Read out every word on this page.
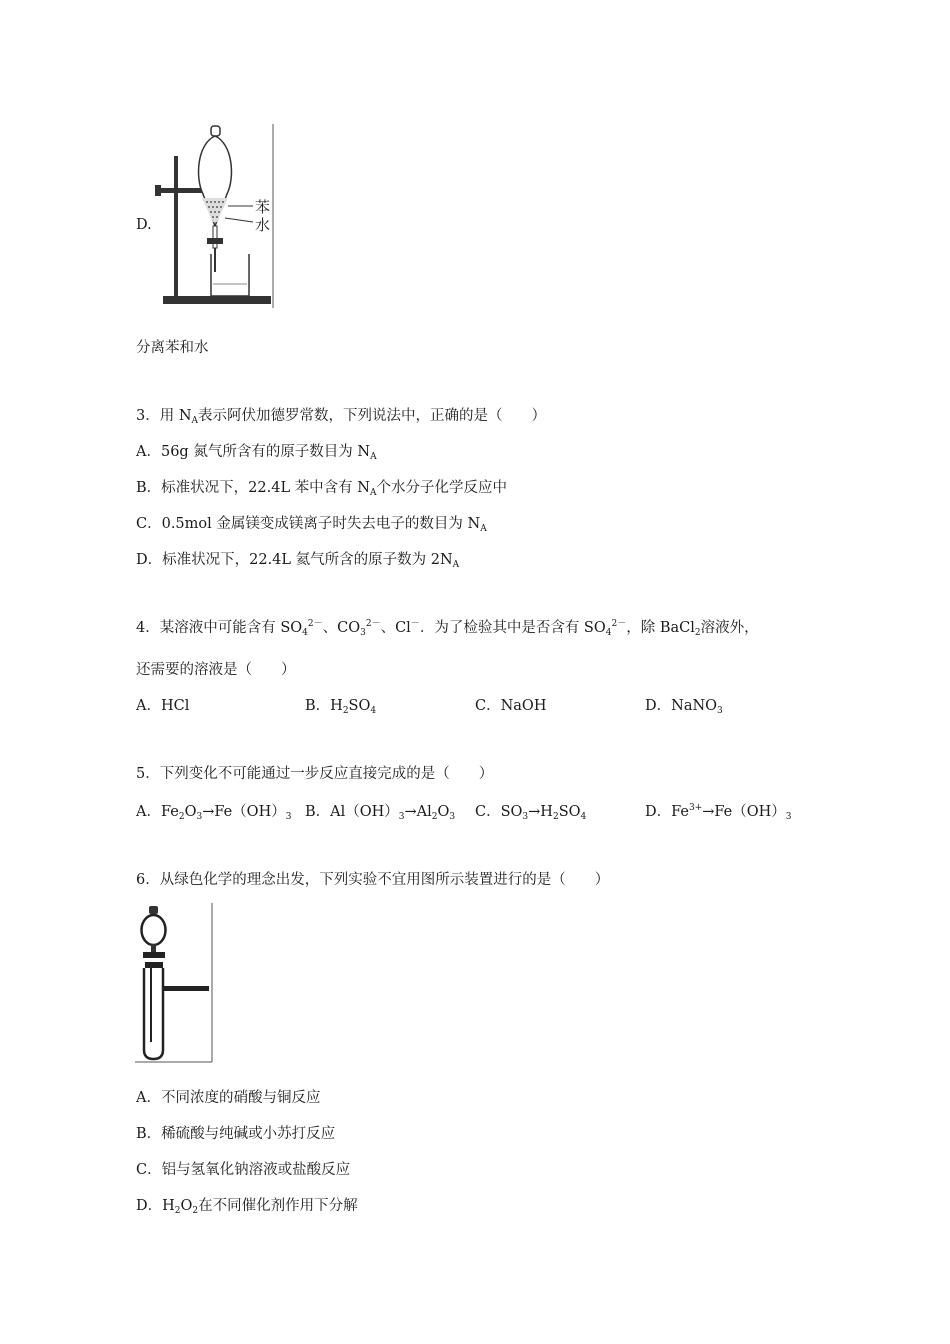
D.
苯
水
分离苯和水
3．用 $N_A$表示阿伏加德罗常数，下列说法中，正确的是（　　）
A．56g 氮气所含有的原子数目为 $N_A$
B．标准状况下，22.4L 苯中含有 $N_A$个水分子化学反应中
C．0.5mol 金属镁变成镁离子时失去电子的数目为 $N_A$
D．标准状况下，22.4L 氦气所含的原子数为 $2N_A$
4．某溶液中可能含有 $SO_4^{2-}$、$CO_3^{2-}$、Cl－．为了检验其中是否含有 $SO_4^{2-}$，除 BaCl$_2$溶液外，
还需要的溶液是（　　）
A．HCl	B．$H_2SO_4$	C．NaOH	D．NaNO$_3$
5．下列变化不可能通过一步反应直接完成的是（　　）
A．$Fe_2O_3\to Fe(OH)_3$ B．$Al(OH)_3\to Al_2O_3$ C．$SO_3\to H_2SO_4$	D．$Fe^{3+}\to Fe(OH)_3$
6．从绿色化学的理念出发，下列实验不宜用图所示装置进行的是（　　）
A．不同浓度的硝酸与铜反应
B．稀硫酸与纯碱或小苏打反应
C．铝与氢氧化钠溶液或盐酸反应
D．$H_2O_2$在不同催化剂作用下分解
